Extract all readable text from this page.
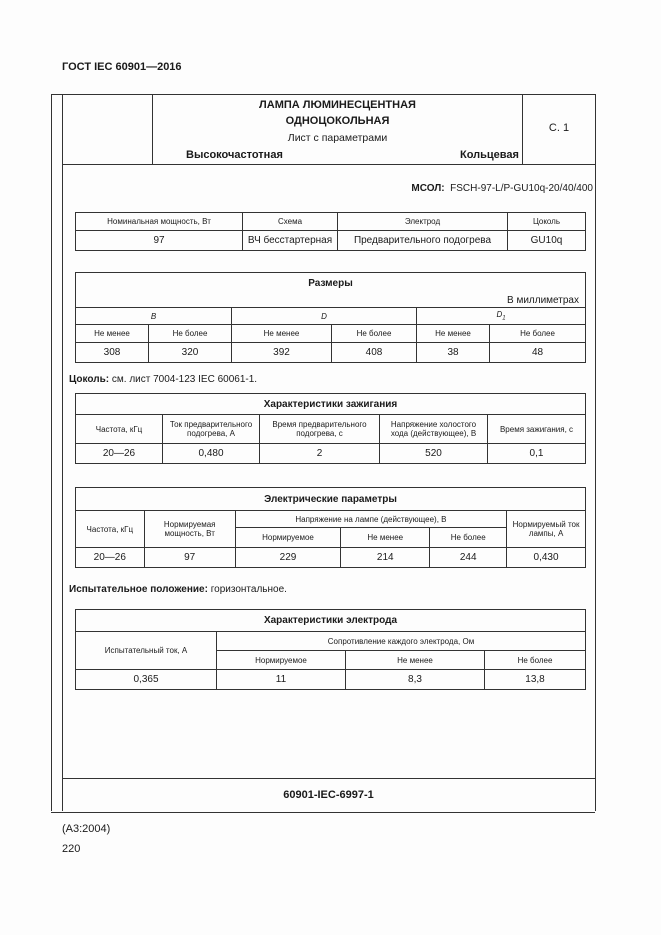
ГОСТ IEC 60901—2016
ЛАМПА ЛЮМИНЕСЦЕНТНАЯ
ОДНОЦОКОЛЬНАЯ
Лист с параметрами
Высокочастотная	Кольцевая
С. 1
МСОЛ: FSCH-97-L/P-GU10q-20/40/400
Номинальная мощность, Вт	Схема	Электрод	Цоколь
97	ВЧ бесстартерная	Предварительного подогрева	GU10q
Размеры					
В миллиметрах					
B		D		$D_1$
Не менее	Не более	Не менее	Не более	Не менее	Не более
308	320	392	408	38	48
Цоколь: см. лист 7004-123 IEC 60061-1.
Характеристики зажигания				
Частота, кГц	Ток предварительного подогрева, А	Время предварительного подогрева, с	Напряжение холостого хода (действующее), В	Время зажигания, с
20—26	0,480	2	520	0,1
Электрические параметры					
Частота, кГц	Нормируемая мощность, Вт	Напряжение на лампе (действующее), В			Нормируемый ток лампы, А
		Нормируемое	Не менее	Не более	
20—26	97	229	214	244	0,430
Испытательное положение: горизонтальное.
Характеристики электрода			
Испытательный ток, А	Сопротивление каждого электрода, Ом		
	Нормируемое	Не менее	Не более
0,365	11	8,3	13,8
60901-IEC-6997-1
(А3:2004)
220
